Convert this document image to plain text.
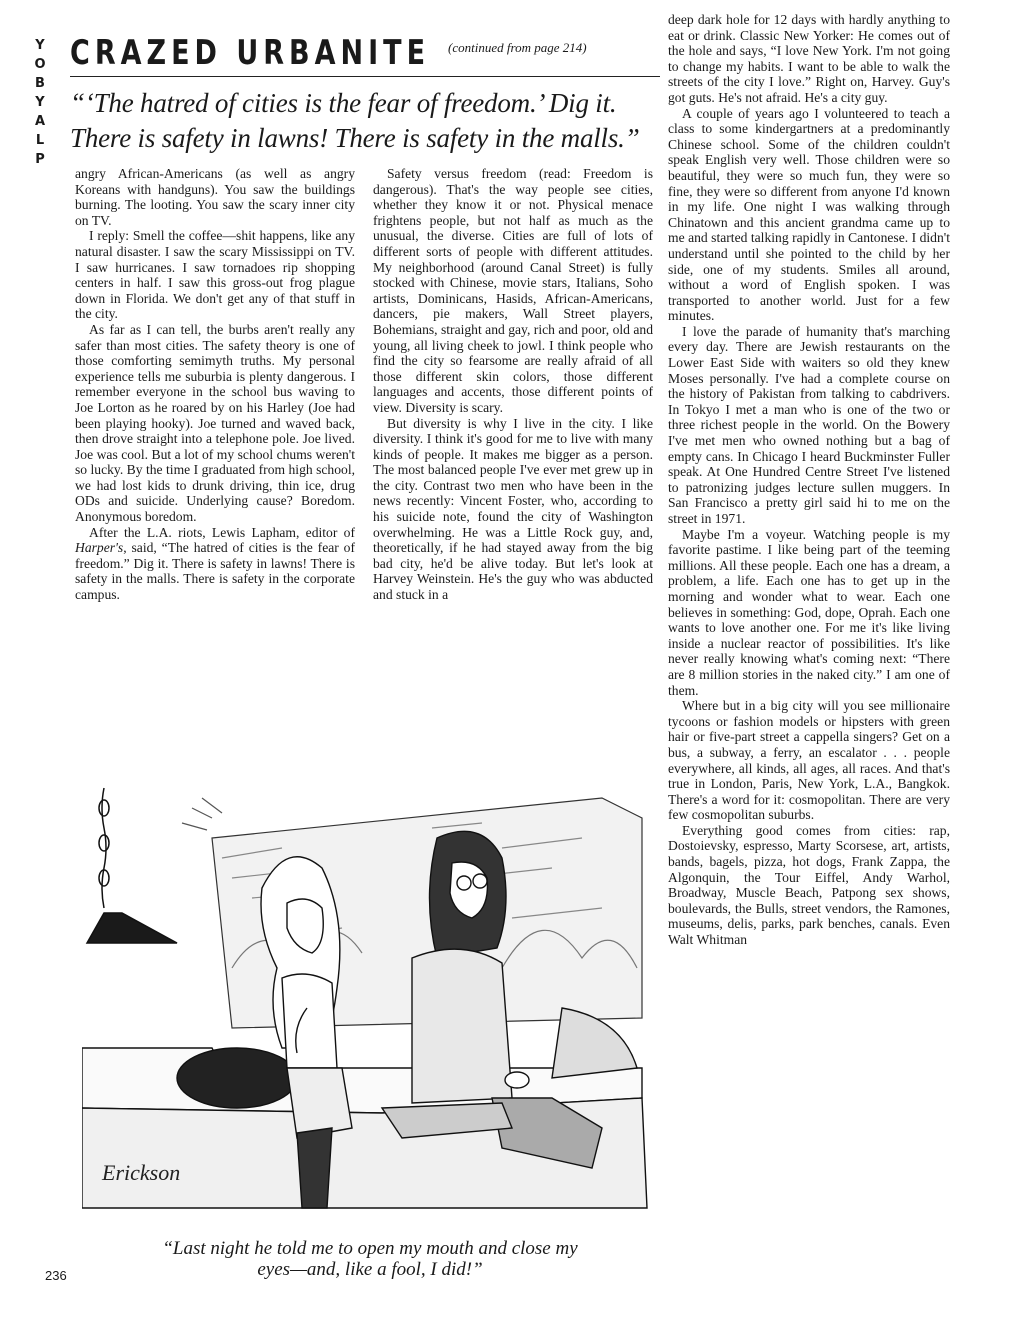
Y
O
B
Y
A
L
P
CRAZED URBANITE $^{(continued from page 214)}$
“‘The hatred of cities is the fear of freedom.’ Dig it. There is safety in lawns! There is safety in the malls.”

angry African-Americans (as well as angry Koreans with handguns). You saw the buildings burning. The looting. You saw the scary inner city on TV.

I reply: Smell the coffee—shit happens, like any natural disaster. I saw the scary Mississippi on TV. I saw hurricanes. I saw tornadoes rip shopping centers in half. I saw this gross-out frog plague down in Florida. We don't get any of that stuff in the city.

As far as I can tell, the burbs aren't really any safer than most cities. The safety theory is one of those comforting semimyth truths. My personal experience tells me suburbia is plenty dangerous. I remember everyone in the school bus waving to Joe Lorton as he roared by on his Harley (Joe had been playing hooky). Joe turned and waved back, then drove straight into a telephone pole. Joe lived. Joe was cool. But a lot of my school chums weren't so lucky. By the time I graduated from high school, we had lost kids to drunk driving, thin ice, drug ODs and suicide. Underlying cause? Boredom. Anonymous boredom.

After the L.A. riots, Lewis Lapham, editor of Harper's, said, “The hatred of cities is the fear of freedom.” Dig it. There is safety in lawns! There is safety in the malls. There is safety in the corporate campus.

Safety versus freedom (read: Freedom is dangerous). That's the way people see cities, whether they know it or not. Physical menace frightens people, but not half as much as the unusual, the diverse. Cities are full of lots of different sorts of people with different attitudes. My neighborhood (around Canal Street) is fully stocked with Chinese, movie stars, Italians, Soho artists, Dominicans, Hasids, African-Americans, dancers, pie makers, Wall Street players, Bohemians, straight and gay, rich and poor, old and young, all living cheek to jowl. I think people who find the city so fearsome are really afraid of all those different skin colors, those different languages and accents, those different points of view. Diversity is scary.

But diversity is why I live in the city. I like diversity. I think it's good for me to live with many kinds of people. It makes me bigger as a person. The most balanced people I've ever met grew up in the city. Contrast two men who have been in the news recently: Vincent Foster, who, according to his suicide note, found the city of Washington overwhelming. He was a Little Rock guy, and, theoretically, if he had stayed away from the big bad city, he'd be alive today. But let's look at Harvey Weinstein. He's the guy who was abducted and stuck in a

deep dark hole for 12 days with hardly anything to eat or drink. Classic New Yorker: He comes out of the hole and says, “I love New York. I'm not going to change my habits. I want to be able to walk the streets of the city I love.” Right on, Harvey. Guy's got guts. He's not afraid. He's a city guy.

A couple of years ago I volunteered to teach a class to some kindergartners at a predominantly Chinese school. Some of the children couldn't speak English very well. Those children were so beautiful, they were so much fun, they were so fine, they were so different from anyone I'd known in my life. One night I was walking through Chinatown and this ancient grandma came up to me and started talking rapidly in Cantonese. I didn't understand until she pointed to the child by her side, one of my students. Smiles all around, without a word of English spoken. I was transported to another world. Just for a few minutes.

I love the parade of humanity that's marching every day. There are Jewish restaurants on the Lower East Side with waiters so old they knew Moses personally. I've had a complete course on the history of Pakistan from talking to cabdrivers. In Tokyo I met a man who is one of the two or three richest people in the world. On the Bowery I've met men who owned nothing but a bag of empty cans. In Chicago I heard Buckminster Fuller speak. At One Hundred Centre Street I've listened to patronizing judges lecture sullen muggers. In San Francisco a pretty girl said hi to me on the street in 1971.

Maybe I'm a voyeur. Watching people is my favorite pastime. I like being part of the teeming millions. All these people. Each one has a dream, a problem, a life. Each one has to get up in the morning and wonder what to wear. Each one believes in something: God, dope, Oprah. Each one wants to love another one. For me it's like living inside a nuclear reactor of possibilities. It's like never really knowing what's coming next: “There are 8 million stories in the naked city.” I am one of them.

Where but in a big city will you see millionaire tycoons or fashion models or hipsters with green hair or five-part street a cappella singers? Get on a bus, a subway, a ferry, an escalator . . . people everywhere, all kinds, all ages, all races. And that's true in London, Paris, New York, L.A., Bangkok. There's a word for it: cosmopolitan. There are very few cosmopolitan suburbs.

Everything good comes from cities: rap, Dostoievsky, espresso, Marty Scorsese, art, artists, bands, bagels, pizza, hot dogs, Frank Zappa, the Algonquin, the Tour Eiffel, Andy Warhol, Broadway, Muscle Beach, Patpong sex shows, boulevards, the Bulls, street vendors, the Ramones, museums, delis, parks, park benches, canals. Even Walt Whitman

Erickson
“Last night he told me to open my mouth and close my eyes—and, like a fool, I did!”
236
